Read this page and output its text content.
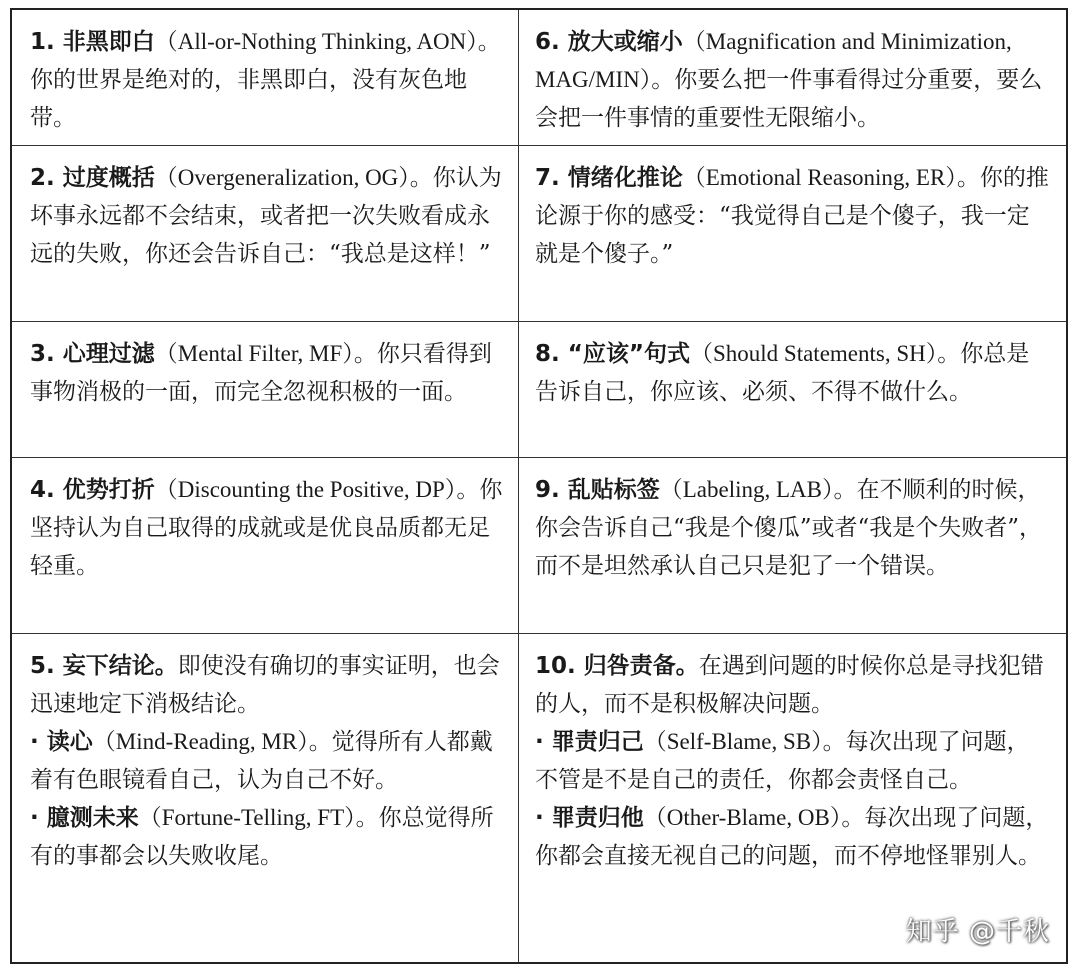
1. 非黑即白（All-or-Nothing Thinking, AON）。你的世界是绝对的，非黑即白，没有灰色地带。
6. 放大或缩小（Magnification and Minimization, MAG/MIN）。你要么把一件事看得过分重要，要么会把一件事情的重要性无限缩小。
2. 过度概括（Overgeneralization, OG）。你认为坏事永远都不会结束，或者把一次失败看成永远的失败，你还会告诉自己：“我总是这样！”
7. 情绪化推论（Emotional Reasoning, ER）。你的推论源于你的感受：“我觉得自己是个傻子，我一定就是个傻子。”
3. 心理过滤（Mental Filter, MF）。你只看得到事物消极的一面，而完全忽视积极的一面。
8. “应该”句式（Should Statements, SH）。你总是告诉自己，你应该、必须、不得不做什么。
4. 优势打折（Discounting the Positive, DP）。你坚持认为自己取得的成就或是优良品质都无足轻重。
9. 乱贴标签（Labeling, LAB）。在不顺利的时候，你会告诉自己“我是个傻瓜”或者“我是个失败者”，而不是坦然承认自己只是犯了一个错误。
5. 妄下结论。即使没有确切的事实证明，也会迅速地定下消极结论。
· 读心（Mind-Reading, MR）。觉得所有人都戴着有色眼镜看自己，认为自己不好。
· 臆测未来（Fortune-Telling, FT）。你总觉得所有的事都会以失败收尾。
10. 归咎责备。在遇到问题的时候你总是寻找犯错的人，而不是积极解决问题。
· 罪责归己（Self-Blame, SB）。每次出现了问题，不管是不是自己的责任，你都会责怪自己。
· 罪责归他（Other-Blame, OB）。每次出现了问题，你都会直接无视自己的问题，而不停地怪罪别人。
知乎 @千秋
